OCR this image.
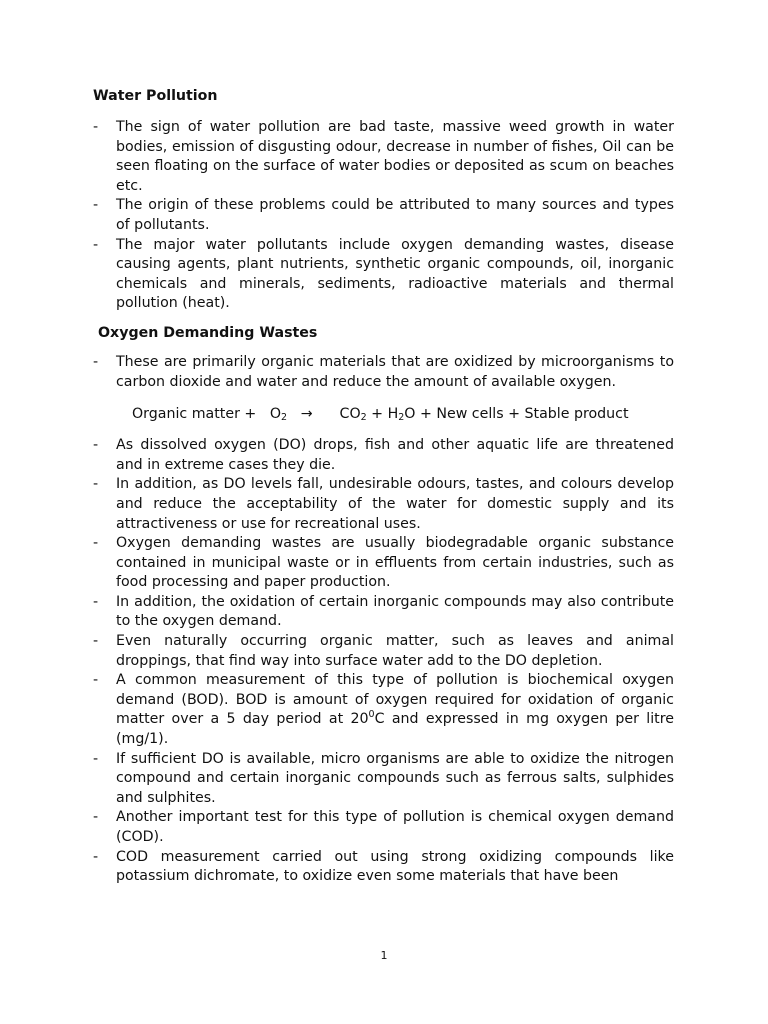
Water Pollution

- The sign of water pollution are bad taste, massive weed growth in water bodies, emission of disgusting odour, decrease in number of fishes, Oil can be seen floating on the surface of water bodies or deposited as scum on beaches etc.
- The origin of these problems could be attributed to many sources and types of pollutants.
- The major water pollutants include oxygen demanding wastes, disease causing agents, plant nutrients, synthetic organic compounds, oil, inorganic chemicals and minerals, sediments, radioactive materials and thermal pollution (heat).

Oxygen Demanding Wastes

- These are primarily organic materials that are oxidized by microorganisms to carbon dioxide and water and reduce the amount of available oxygen.
Organic matter + $O_2 \to CO_2 + H_2O$ + New cells + Stable product
- As dissolved oxygen (DO) drops, fish and other aquatic life are threatened and in extreme cases they die.
- In addition, as DO levels fall, undesirable odours, tastes, and colours develop and reduce the acceptability of the water for domestic supply and its attractiveness or use for recreational uses.
- Oxygen demanding wastes are usually biodegradable organic substance contained in municipal waste or in effluents from certain industries, such as food processing and paper production.
- In addition, the oxidation of certain inorganic compounds may also contribute to the oxygen demand.
- Even naturally occurring organic matter, such as leaves and animal droppings, that find way into surface water add to the DO depletion.
- A common measurement of this type of pollution is biochemical oxygen demand (BOD). BOD is amount of oxygen required for oxidation of organic matter over a 5 day period at $20^0C$ and expressed in mg oxygen per litre (mg/1).
- If sufficient DO is available, micro organisms are able to oxidize the nitrogen compound and certain inorganic compounds such as ferrous salts, sulphides and sulphites.
- Another important test for this type of pollution is chemical oxygen demand (COD).
- COD measurement carried out using strong oxidizing compounds like potassium dichromate, to oxidize even some materials that have been
1
